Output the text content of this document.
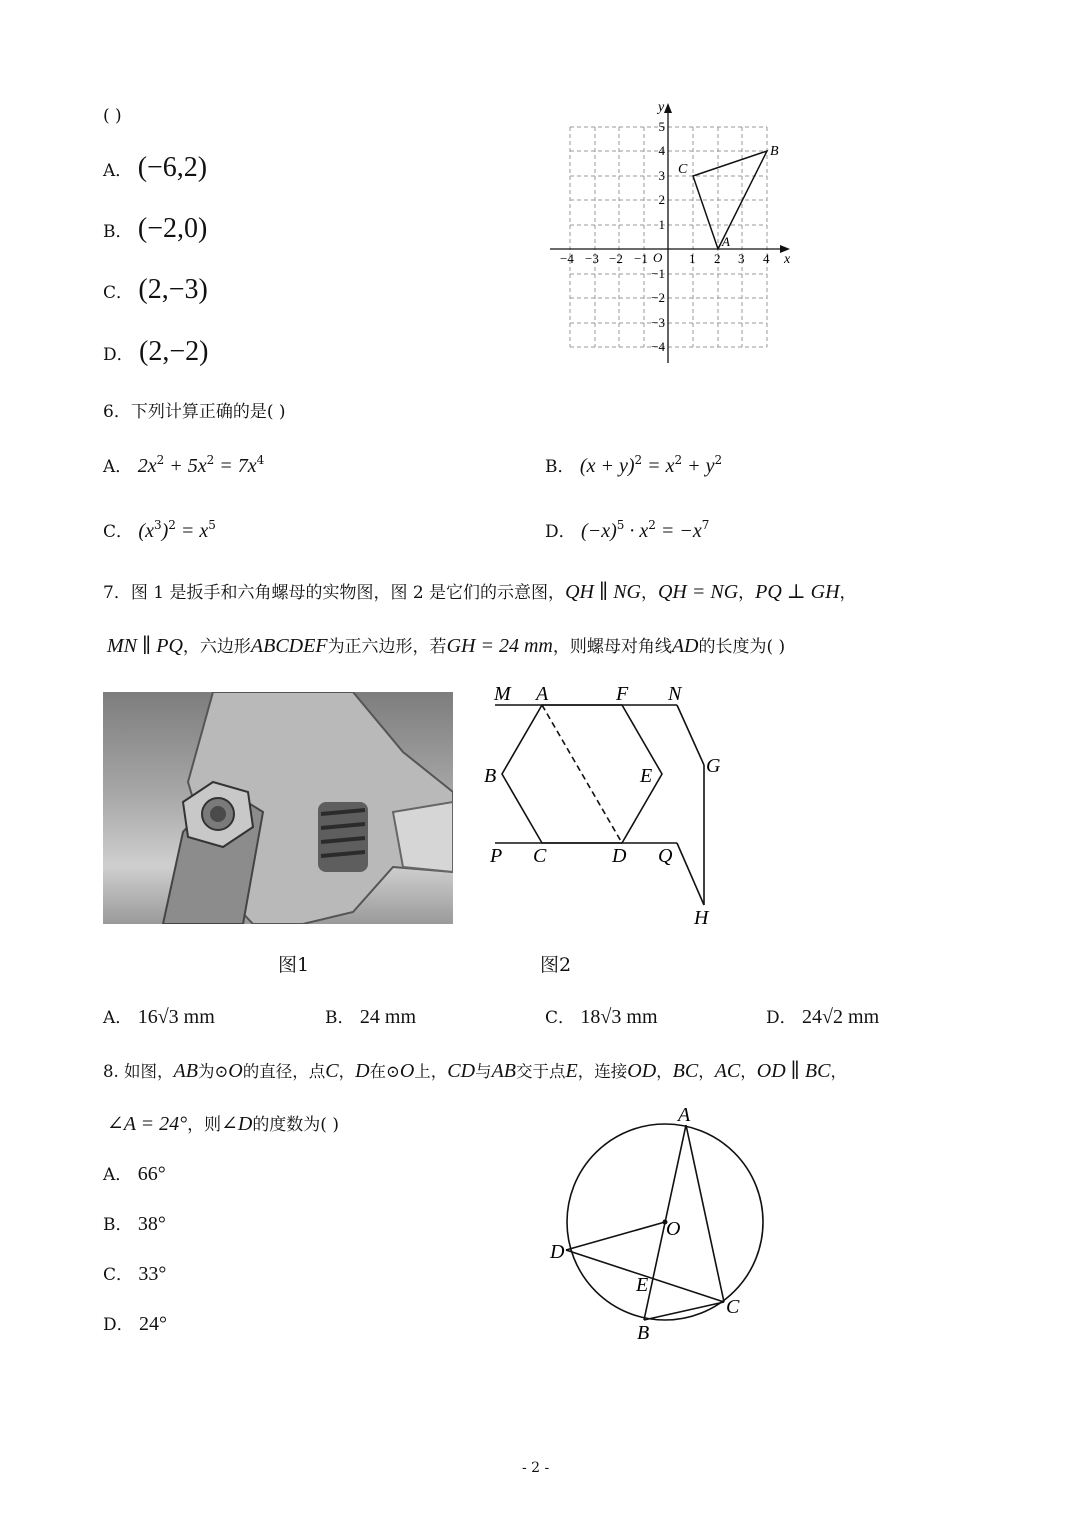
( )
A． (−6,2)
B． (−2,0)
C． (2,−3)
D． (2,−2)
x
y
O
−4 −3 −2 −1	1 2 3 4
5
4
3
2
1
−1
−2
−3
−4
A
B
C
6．下列计算正确的是( )
A． $2x^2 + 5x^2 = 7x^4$	B． $(x + y)^2 = x^2 + y^2$
C． $(x^3)^2 = x^5$	D． $(-x)^5 \cdot x^2 = -x^7$
7．图 1 是扳手和六角螺母的实物图，图 2 是它们的示意图，QH ∥ NG，QH = NG，PQ ⊥ GH，
MN ∥ PQ，六边形ABCDEF为正六边形，若GH = 24 mm，则螺母对角线AD的长度为( )
M A	F N
B	E	G
P C	D Q
H
图1	图2
A． 16√3 mm	B． 24 mm	C． 18√3 mm	D． 24√2 mm
8. 如图，AB为⊙O的直径，点C，D在⊙O上，CD与AB交于点E，连接OD，BC，AC，OD ∥ BC，
∠A = 24°，则∠D的度数为( )
A． 66°
B． 38°
C． 33°
D． 24°
A
O
D
E
C
B
- 2 -
